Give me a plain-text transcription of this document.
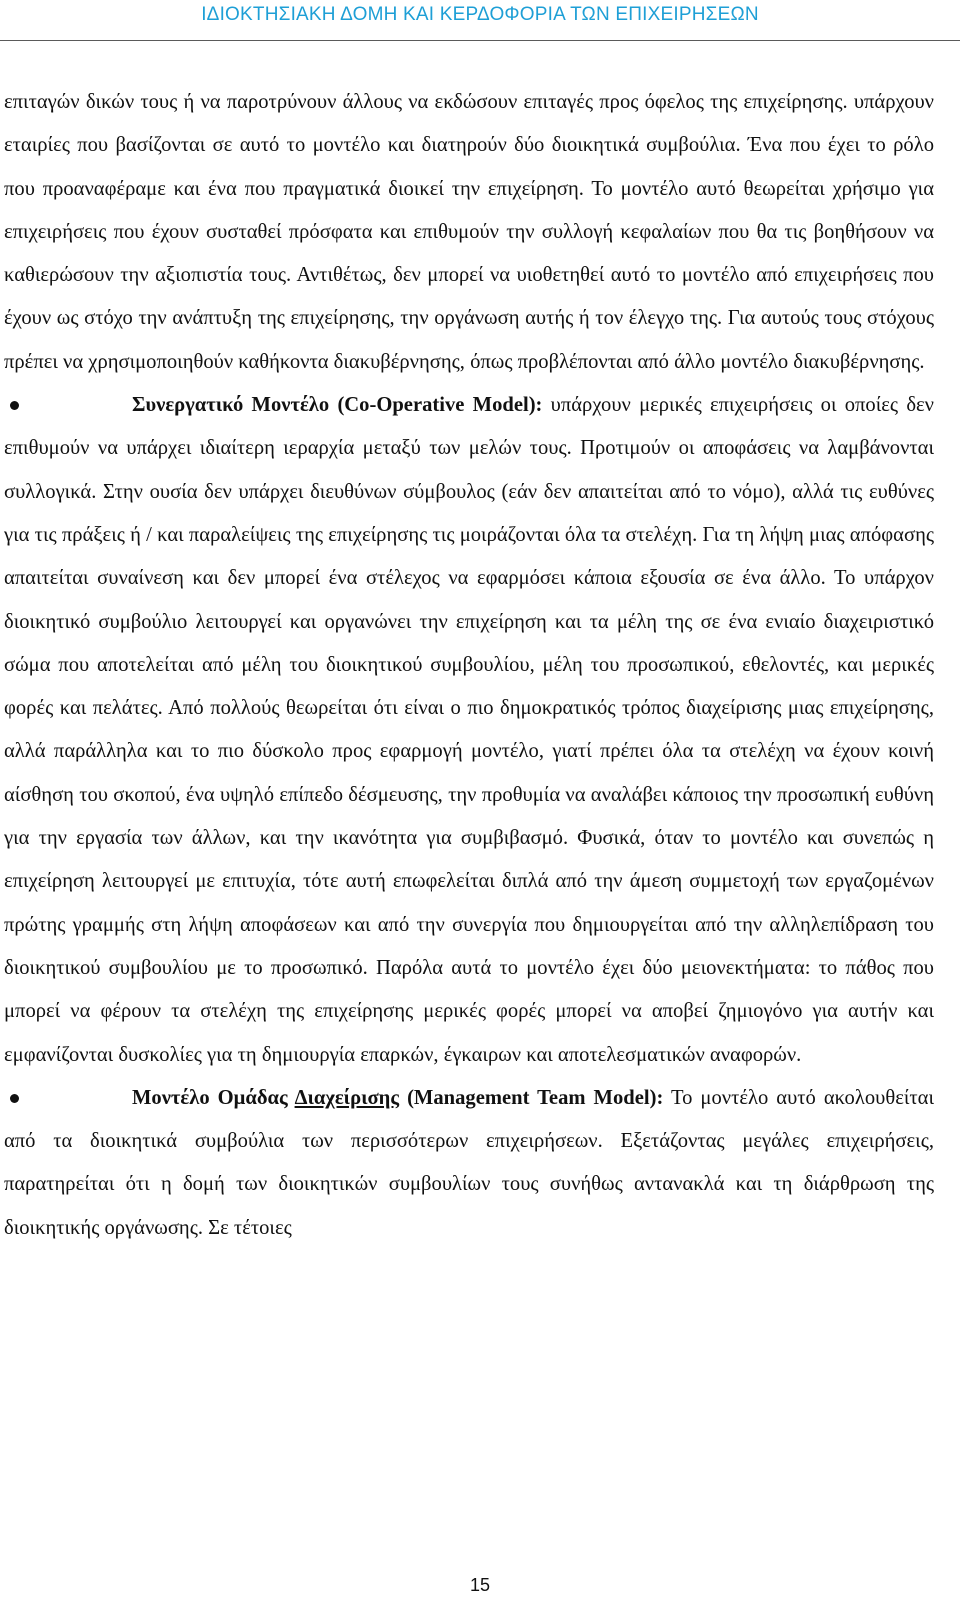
ΙΔΙΟΚΤΗΣΙΑΚΗ ΔΟΜΗ ΚΑΙ ΚΕΡΔΟΦΟΡΙΑ ΤΩΝ ΕΠΙΧΕΙΡΗΣΕΩΝ

επιταγών δικών τους ή να παροτρύνουν άλλους να εκδώσουν επιταγές προς όφελος της επιχείρησης. υπάρχουν εταιρίες που βασίζονται σε αυτό το μοντέλο και διατηρούν δύο διοικητικά συμβούλια. Ένα που έχει το ρόλο που προαναφέραμε και ένα που πραγματικά διοικεί την επιχείρηση. Το μοντέλο αυτό θεωρείται χρήσιμο για επιχειρήσεις που έχουν συσταθεί πρόσφατα και επιθυμούν την συλλογή κεφαλαίων που θα τις βοηθήσουν να καθιερώσουν την αξιοπιστία τους. Αντιθέτως, δεν μπορεί να υιοθετηθεί αυτό το μοντέλο από επιχειρήσεις που έχουν ως στόχο την ανάπτυξη της επιχείρησης, την οργάνωση αυτής ή τον έλεγχο της. Για αυτούς τους στόχους πρέπει να χρησιμοποιηθούν καθήκοντα διακυβέρνησης, όπως προβλέπονται από άλλο μοντέλο διακυβέρνησης.

Συνεργατικό Μοντέλο (Co-Operative Model): υπάρχουν μερικές επιχειρήσεις οι οποίες δεν επιθυμούν να υπάρχει ιδιαίτερη ιεραρχία μεταξύ των μελών τους. Προτιμούν οι αποφάσεις να λαμβάνονται συλλογικά. Στην ουσία δεν υπάρχει διευθύνων σύμβουλος (εάν δεν απαιτείται από το νόμο), αλλά τις ευθύνες για τις πράξεις ή / και παραλείψεις της επιχείρησης τις μοιράζονται όλα τα στελέχη. Για τη λήψη μιας απόφασης απαιτείται συναίνεση και δεν μπορεί ένα στέλεχος να εφαρμόσει κάποια εξουσία σε ένα άλλο. Το υπάρχον διοικητικό συμβούλιο λειτουργεί και οργανώνει την επιχείρηση και τα μέλη της σε ένα ενιαίο διαχειριστικό σώμα που αποτελείται από μέλη του διοικητικού συμβουλίου, μέλη του προσωπικού, εθελοντές, και μερικές φορές και πελάτες. Από πολλούς θεωρείται ότι είναι ο πιο δημοκρατικός τρόπος διαχείρισης μιας επιχείρησης, αλλά παράλληλα και το πιο δύσκολο προς εφαρμογή μοντέλο, γιατί πρέπει όλα τα στελέχη να έχουν κοινή αίσθηση του σκοπού, ένα υψηλό επίπεδο δέσμευσης, την προθυμία να αναλάβει κάποιος την προσωπική ευθύνη για την εργασία των άλλων, και την ικανότητα για συμβιβασμό. Φυσικά, όταν το μοντέλο και συνεπώς η επιχείρηση λειτουργεί με επιτυχία, τότε αυτή επωφελείται διπλά από την άμεση συμμετοχή των εργαζομένων πρώτης γραμμής στη λήψη αποφάσεων και από την συνεργία που δημιουργείται από την αλληλεπίδραση του διοικητικού συμβουλίου με το προσωπικό. Παρόλα αυτά το μοντέλο έχει δύο μειονεκτήματα: το πάθος που μπορεί να φέρουν τα στελέχη της επιχείρησης μερικές φορές μπορεί να αποβεί ζημιογόνο για αυτήν και εμφανίζονται δυσκολίες για τη δημιουργία επαρκών, έγκαιρων και αποτελεσματικών αναφορών.

Μοντέλο Ομάδας Διαχείρισης (Management Team Model): Το μοντέλο αυτό ακολουθείται από τα διοικητικά συμβούλια των περισσότερων επιχειρήσεων. Εξετάζοντας μεγάλες επιχειρήσεις, παρατηρείται ότι η δομή των διοικητικών συμβουλίων τους συνήθως αντανακλά και τη διάρθρωση της διοικητικής οργάνωσης. Σε τέτοιες

15
